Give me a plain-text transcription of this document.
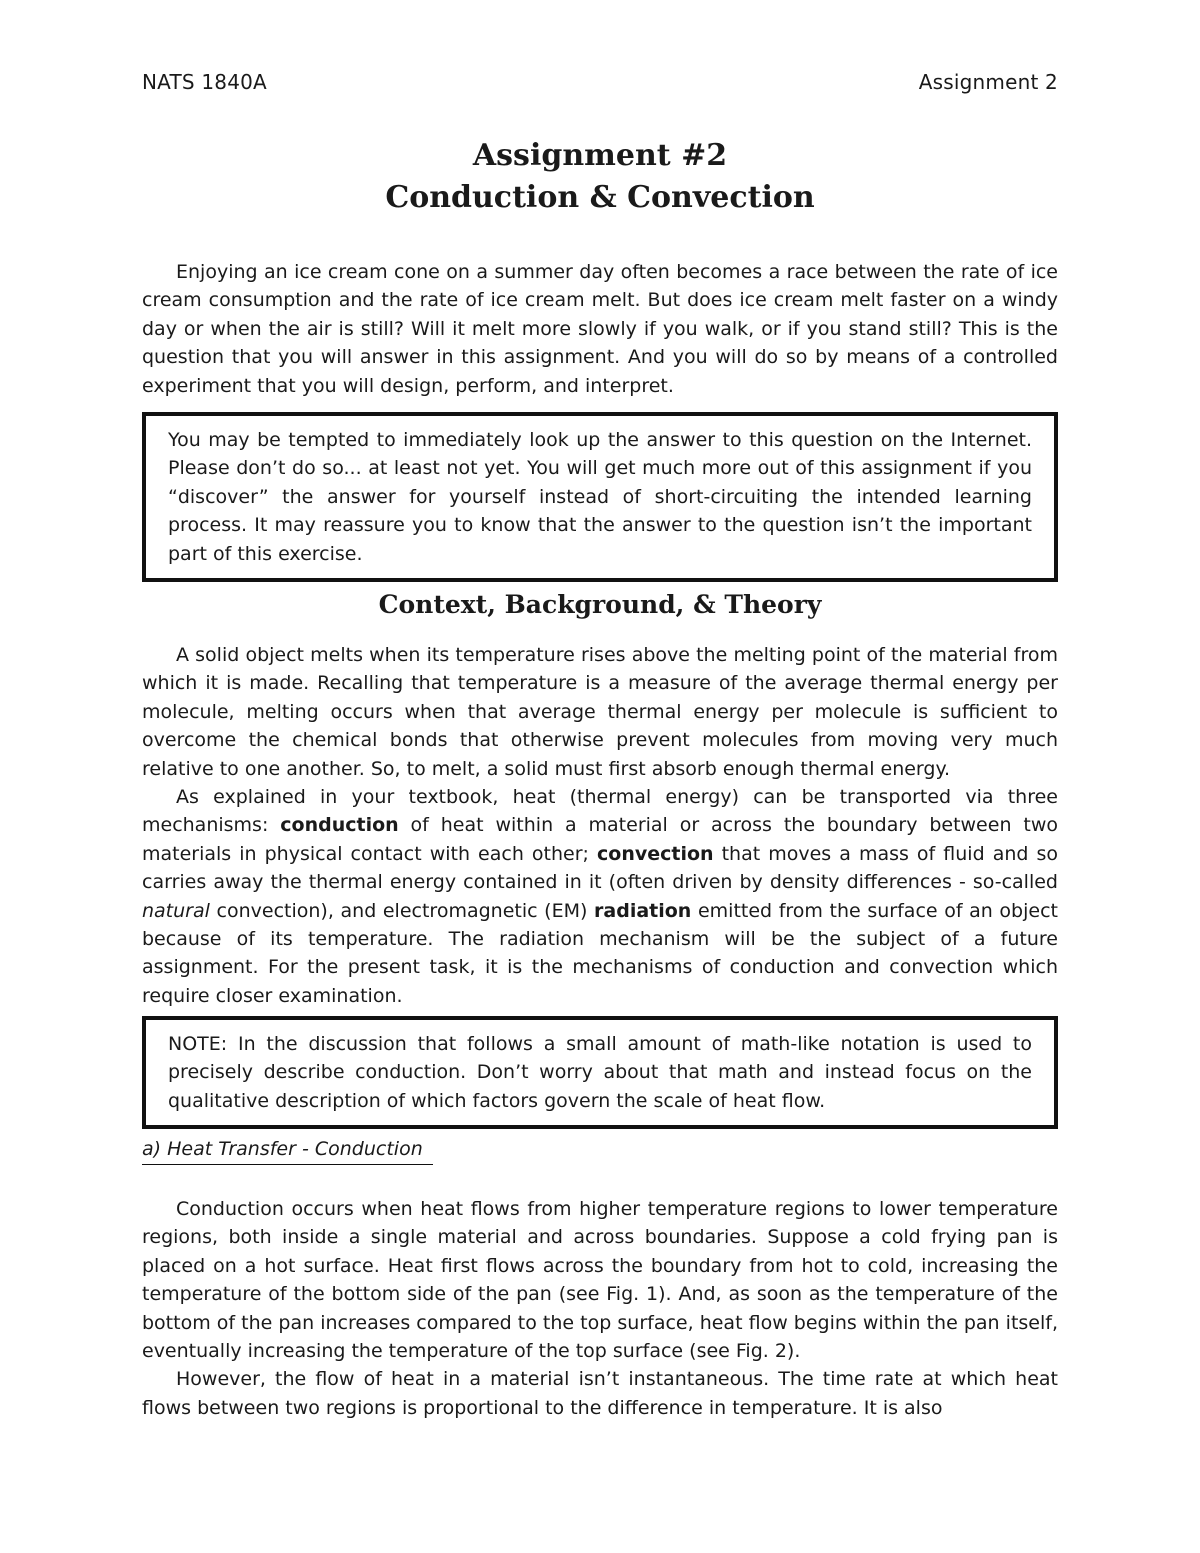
NATS 1840A	Assignment 2
Assignment #2
Conduction & Convection

Enjoying an ice cream cone on a summer day often becomes a race between the rate of ice cream consumption and the rate of ice cream melt. But does ice cream melt faster on a windy day or when the air is still? Will it melt more slowly if you walk, or if you stand still? This is the question that you will answer in this assignment. And you will do so by means of a controlled experiment that you will design, perform, and interpret.

You may be tempted to immediately look up the answer to this question on the Internet. Please don’t do so... at least not yet. You will get much more out of this assignment if you “discover” the answer for yourself instead of short-circuiting the intended learning process. It may reassure you to know that the answer to the question isn’t the important part of this exercise.
Context, Background, & Theory

A solid object melts when its temperature rises above the melting point of the material from which it is made. Recalling that temperature is a measure of the average thermal energy per molecule, melting occurs when that average thermal energy per molecule is sufficient to overcome the chemical bonds that otherwise prevent molecules from moving very much relative to one another. So, to melt, a solid must first absorb enough thermal energy.

As explained in your textbook, heat (thermal energy) can be transported via three mechanisms: conduction of heat within a material or across the boundary between two materials in physical contact with each other; convection that moves a mass of fluid and so carries away the thermal energy contained in it (often driven by density differences - so-called natural convection), and electromagnetic (EM) radiation emitted from the surface of an object because of its temperature. The radiation mechanism will be the subject of a future assignment. For the present task, it is the mechanisms of conduction and convection which require closer examination.

NOTE: In the discussion that follows a small amount of math-like notation is used to precisely describe conduction. Don’t worry about that math and instead focus on the qualitative description of which factors govern the scale of heat flow.
a) Heat Transfer - Conduction

Conduction occurs when heat flows from higher temperature regions to lower temperature regions, both inside a single material and across boundaries. Suppose a cold frying pan is placed on a hot surface. Heat first flows across the boundary from hot to cold, increasing the temperature of the bottom side of the pan (see Fig. 1). And, as soon as the temperature of the bottom of the pan increases compared to the top surface, heat flow begins within the pan itself, eventually increasing the temperature of the top surface (see Fig. 2).

However, the flow of heat in a material isn’t instantaneous. The time rate at which heat flows between two regions is proportional to the difference in temperature. It is also
